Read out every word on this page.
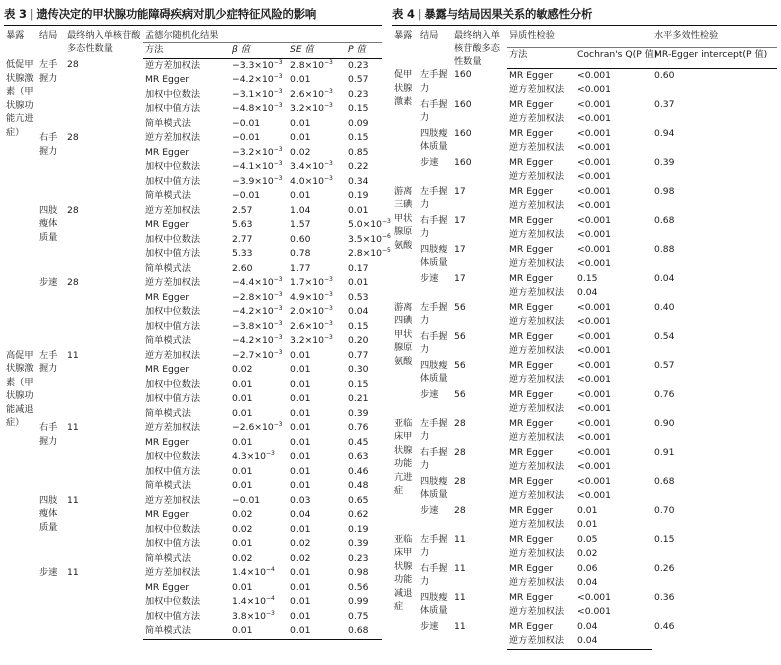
表 3 | 遗传决定的甲状腺功能障碍疾病对肌少症特征风险的影响
暴露	结局	最终纳入单核苷酸多态性数量	孟德尔随机化结果			
			方法	β 值	SE 值	P 值
低促甲状腺激素（甲状腺功能亢进症）	左手握力	28	逆方差加权法	$-3.3\times 10^{-3}$	$2.8\times 10^{-3}$	0.23
			MR Egger	$-4.2\times 10^{-3}$	0.01	0.57
			加权中位数法	$-3.1\times 10^{-3}$	$2.6\times 10^{-3}$	0.23
			加权中值方法	$-4.8\times 10^{-3}$	$3.2\times 10^{-3}$	0.15
			简单模式法	−0.01	0.01	0.09
	右手握力	28	逆方差加权法	−0.01	0.01	0.15
			MR Egger	$-3.2\times 10^{-3}$	0.02	0.85
			加权中位数法	$-4.1\times 10^{-3}$	$3.4\times 10^{-3}$	0.22
			加权中值方法	$-3.9\times 10^{-3}$	$4.0\times 10^{-3}$	0.34
			简单模式法	−0.01	0.01	0.19
	四肢瘦体质量	28	逆方差加权法	2.57	1.04	0.01
			MR Egger	5.63	1.57	$5.0\times 10^{-3}$
			加权中位数法	2.77	0.60	$3.5\times 10^{-6}$
			加权中值方法	5.33	0.78	$2.8\times 10^{-5}$
			简单模式法	2.60	1.77	0.17
	步速	28	逆方差加权法	$-4.4\times 10^{-3}$	$1.7\times 10^{-3}$	0.01
			MR Egger	$-2.8\times 10^{-3}$	$4.9\times 10^{-3}$	0.53
			加权中位数法	$-4.2\times 10^{-3}$	$2.0\times 10^{-3}$	0.04
			加权中值方法	$-3.8\times 10^{-3}$	$2.6\times 10^{-3}$	0.15
			简单模式法	$-4.2\times 10^{-3}$	$3.2\times 10^{-3}$	0.20
高促甲状腺激素（甲状腺功能减退症）	左手握力	11	逆方差加权法	$-2.7\times 10^{-3}$	0.01	0.77
			MR Egger	0.02	0.01	0.30
			加权中位数法	0.01	0.01	0.15
			加权中值方法	0.01	0.01	0.21
			简单模式法	0.01	0.01	0.39
	右手握力	11	逆方差加权法	$-2.6\times 10^{-3}$	0.01	0.76
			MR Egger	0.01	0.01	0.45
			加权中位数法	$4.3\times 10^{-3}$	0.01	0.63
			加权中值方法	0.01	0.01	0.46
			简单模式法	0.01	0.01	0.48
	四肢瘦体质量	11	逆方差加权法	−0.01	0.03	0.65
			MR Egger	0.02	0.04	0.62
			加权中位数法	0.02	0.01	0.19
			加权中值方法	0.01	0.02	0.39
			简单模式法	0.02	0.02	0.23
	步速	11	逆方差加权法	$1.4\times 10^{-4}$	0.01	0.98
			MR Egger	0.01	0.01	0.56
			加权中位数法	$1.4\times 10^{-4}$	0.01	0.99
			加权中值方法	$3.8\times 10^{-3}$	0.01	0.75
			简单模式法	0.01	0.01	0.68
表 4 | 暴露与结局因果关系的敏感性分析
暴露	结局	最终纳入单核苷酸多态性数量	异质性检验		水平多效性检验
			方法	Cochran's Q(P 值)	MR-Egger intercept(P 值)
促甲状腺激素	左手握力	160	MR Egger	<0.001	0.60
			逆方差加权法	<0.001	
	右手握力	160	MR Egger	<0.001	0.37
			逆方差加权法	<0.001	
	四肢瘦体质量	160	MR Egger	<0.001	0.94
			逆方差加权法	<0.001	
	步速	160	MR Egger	<0.001	0.39
			逆方差加权法	<0.001	
游离三碘甲状腺原氨酸	左手握力	17	MR Egger	<0.001	0.98
			逆方差加权法	<0.001	
	右手握力	17	MR Egger	<0.001	0.68
			逆方差加权法	<0.001	
	四肢瘦体质量	17	MR Egger	<0.001	0.88
			逆方差加权法	<0.001	
	步速	17	MR Egger	0.15	0.04
			逆方差加权法	0.04	
游离四碘甲状腺原氨酸	左手握力	56	MR Egger	<0.001	0.40
			逆方差加权法	<0.001	
	右手握力	56	MR Egger	<0.001	0.54
			逆方差加权法	<0.001	
	四肢瘦体质量	56	MR Egger	<0.001	0.57
			逆方差加权法	<0.001	
	步速	56	MR Egger	<0.001	0.76
			逆方差加权法	<0.001	
亚临床甲状腺功能亢进症	左手握力	28	MR Egger	<0.001	0.90
			逆方差加权法	<0.001	
	右手握力	28	MR Egger	<0.001	0.91
			逆方差加权法	<0.001	
	四肢瘦体质量	28	MR Egger	<0.001	0.68
			逆方差加权法	<0.001	
	步速	28	MR Egger	0.01	0.70
			逆方差加权法	0.01	
亚临床甲状腺功能减退症	左手握力	11	MR Egger	0.05	0.15
			逆方差加权法	0.02	
	右手握力	11	MR Egger	0.06	0.26
			逆方差加权法	0.04	
	四肢瘦体质量	11	MR Egger	<0.001	0.36
			逆方差加权法	<0.001	
	步速	11	MR Egger	0.04	0.46
			逆方差加权法	0.04	
